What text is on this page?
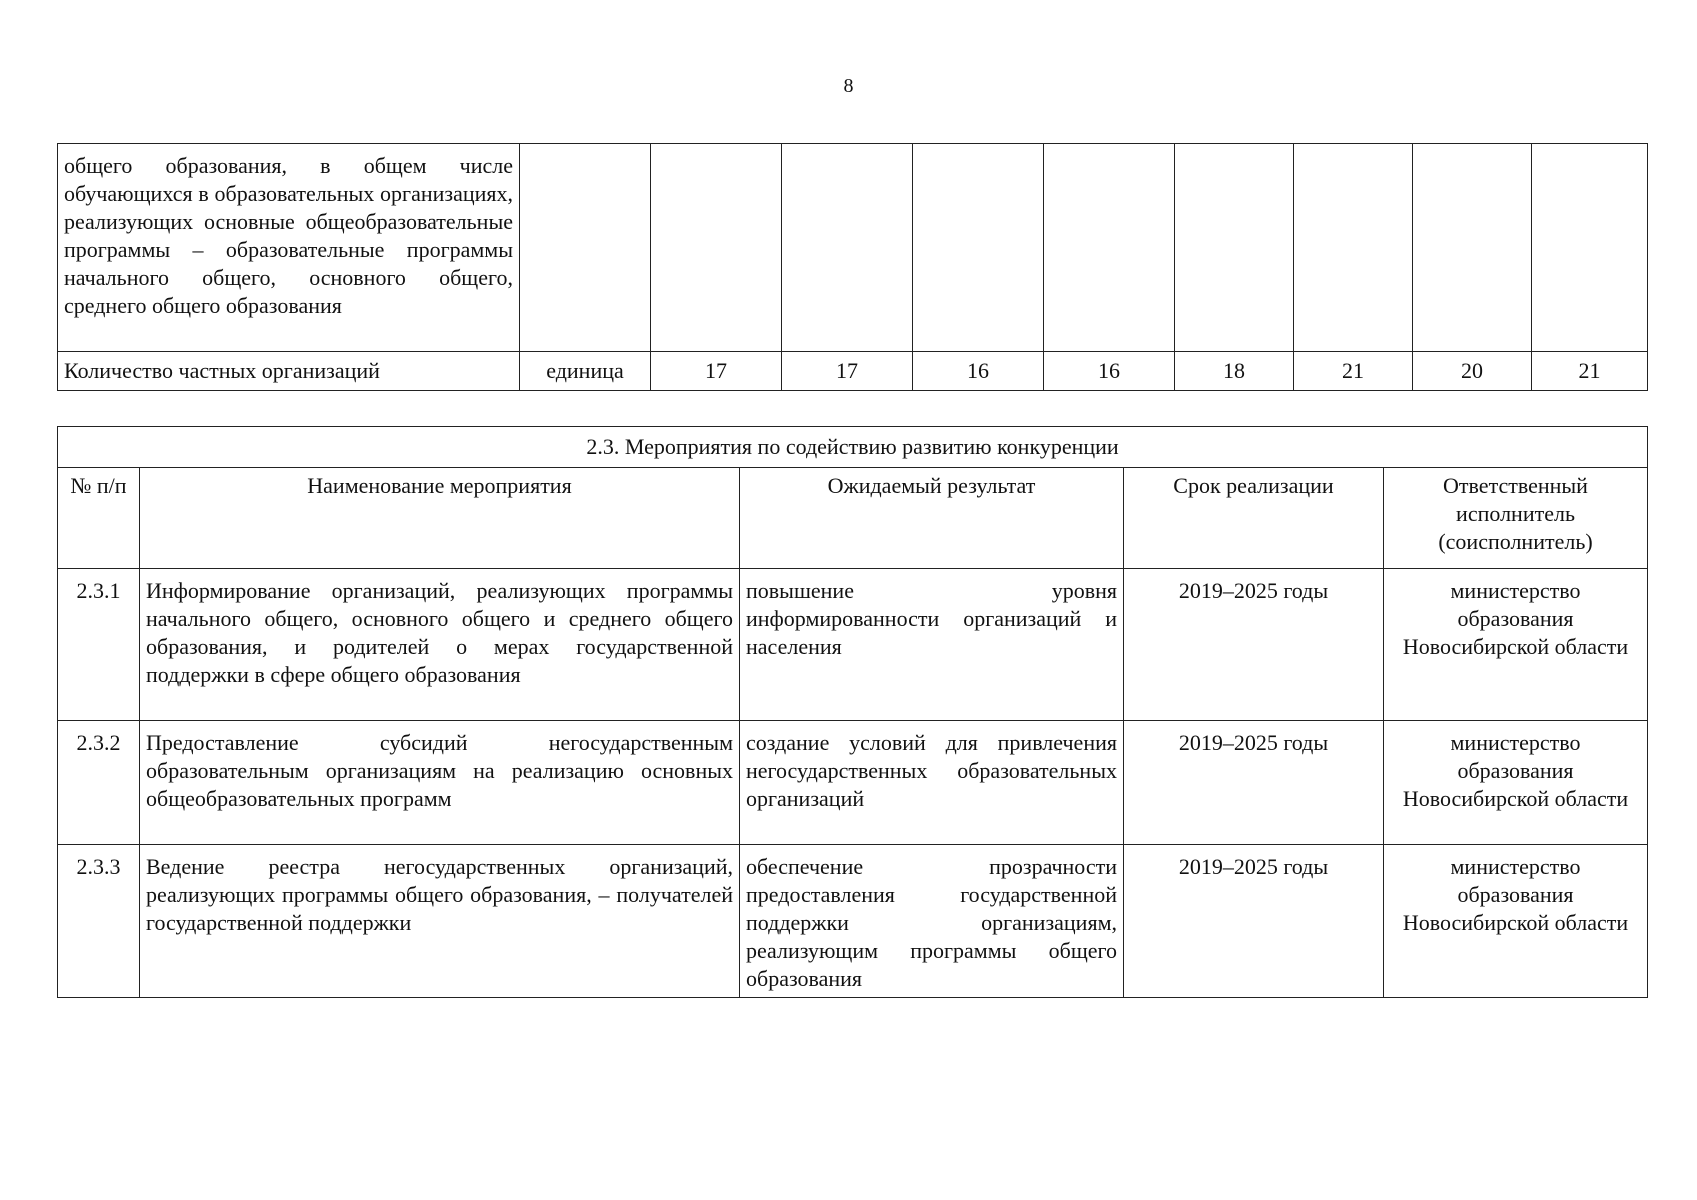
8
общего образования, в общем числе обучающихся в образовательных организациях, реализующих основные общеобразовательные программы – образовательные программы начального общего, основного общего, среднего общего образования									
Количество частных организаций	единица	17	17	16	16	18	21	20	21
2.3. Мероприятия по содействию развитию конкуренции				
№ п/п	Наименование мероприятия	Ожидаемый результат	Срок реализации	Ответственный исполнитель (соисполнитель)
2.3.1	Информирование организаций, реализующих программы начального общего, основного общего и среднего общего образования, и родителей о мерах государственной поддержки в сфере общего образования	повышение уровня информированности организаций и населения	2019–2025 годы	министерство образования Новосибирской области
2.3.2	Предоставление субсидий негосударственным образовательным организациям на реализацию основных общеобразовательных программ	создание условий для привлечения негосударственных образовательных организаций	2019–2025 годы	министерство образования Новосибирской области
2.3.3	Ведение реестра негосударственных организаций, реализующих программы общего образования, – получателей государственной поддержки	обеспечение прозрачности предоставления государственной поддержки организациям, реализующим программы общего образования	2019–2025 годы	министерство образования Новосибирской области
